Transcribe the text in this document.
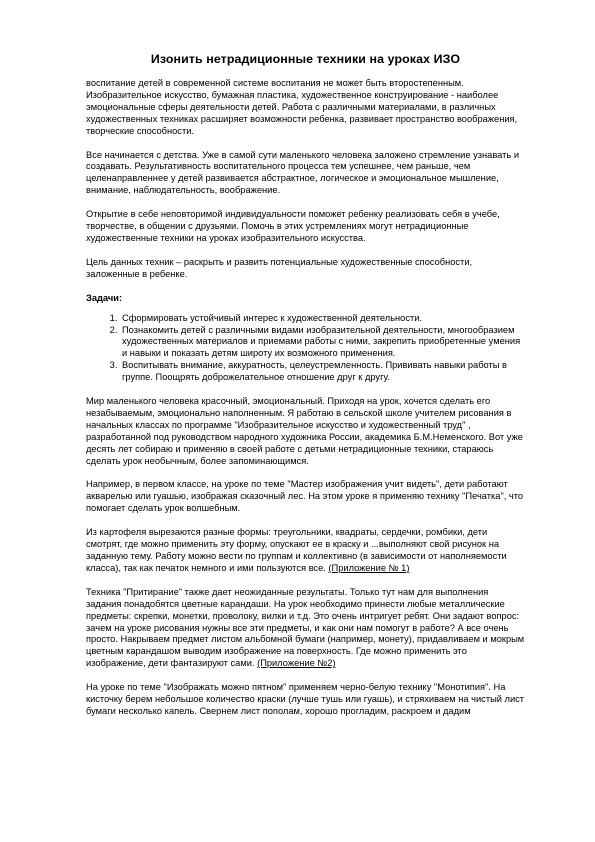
Изонить нетрадиционные техники на уроках ИЗО

воспитание детей в современной системе воспитания не может быть второстепенным. Изобразительное искусство, бумажная пластика, художественное конструирование - наиболее эмоциональные сферы деятельности детей. Работа с различными материалами, в различных художественных техниках расширяет возможности ребенка, развивает пространство воображения, творческие способности.

Все начинается с детства. Уже в самой сути маленького человека заложено стремление узнавать и создавать. Результативность воспитательного процесса тем успешнее, чем раньше, чем целенаправленнее у детей развивается абстрактное, логическое и эмоциональное мышление, внимание, наблюдательность, воображение.

Открытие в себе неповторимой индивидуальности поможет ребенку реализовать себя в учебе, творчестве, в общении с друзьями. Помочь в этих устремлениях могут нетрадиционные художественные техники на уроках изобразительного искусства.

Цель данных техник – раскрыть и развить потенциальные художественные способности, заложенные в ребенке.

Задачи:

1. Сформировать устойчивый интерес к художественной деятельности.
2. Познакомить детей с различными видами изобразительной деятельности, многообразием художественных материалов и приемами работы с ними, закрепить приобретенные умения и навыки и показать детям широту их возможного применения.
3. Воспитывать внимание, аккуратность, целеустремленность. Прививать навыки работы в группе. Поощрять доброжелательное отношение друг к другу.

Мир маленького человека красочный, эмоциональный. Приходя на урок, хочется сделать его незабываемым, эмоционально наполненным. Я работаю в сельской школе учителем рисования в начальных классах по программе "Изобразительное искусство и художественный труд" , разработанной под руководством народного художника России, академика Б.М.Неменского. Вот уже десять лет собираю и применяю в своей работе с детьми нетрадиционные техники, стараюсь сделать урок необычным, более запоминающимся.

Например, в первом классе, на уроке по теме "Мастер изображения учит видеть", дети работают акварелью или гуашью, изображая сказочный лес. На этом уроке я применяю технику "Печатка", что помогает сделать урок волшебным.

Из картофеля вырезаются разные формы: треугольники, квадраты, сердечки, ромбики, дети смотрят, где можно применить эту форму, опускают ее в краску и ...выполняют свой рисунок на заданную тему. Работу можно вести по группам и коллективно (в зависимости от наполняемости класса), так как печаток немного и ими пользуются все. (Приложение № 1)

Техника "Притирание" также дает неожиданные результаты. Только тут нам для выполнения задания понадобятся цветные карандаши. На урок необходимо принести любые металлические предметы: скрепки, монетки, проволоку, вилки и т.д. Это очень интригует ребят. Они задают вопрос: зачем на уроке рисования нужны все эти предметы, и как они нам помогут в работе? А все очень просто. Накрываем предмет листом альбомной бумаги (например, монету), придавливаем и мокрым цветным карандашом выводим изображение на поверхность. Где можно применить это изображение, дети фантазируют сами. (Приложение №2)

На уроке по теме "Изображать можно пятном" применяем черно-белую технику "Монотипия". На кисточку берем небольшое количество краски (лучше тушь или гуашь), и стряхиваем на чистый лист бумаги несколько капель. Свернем лист пополам, хорошо прогладим, раскроем и дадим
